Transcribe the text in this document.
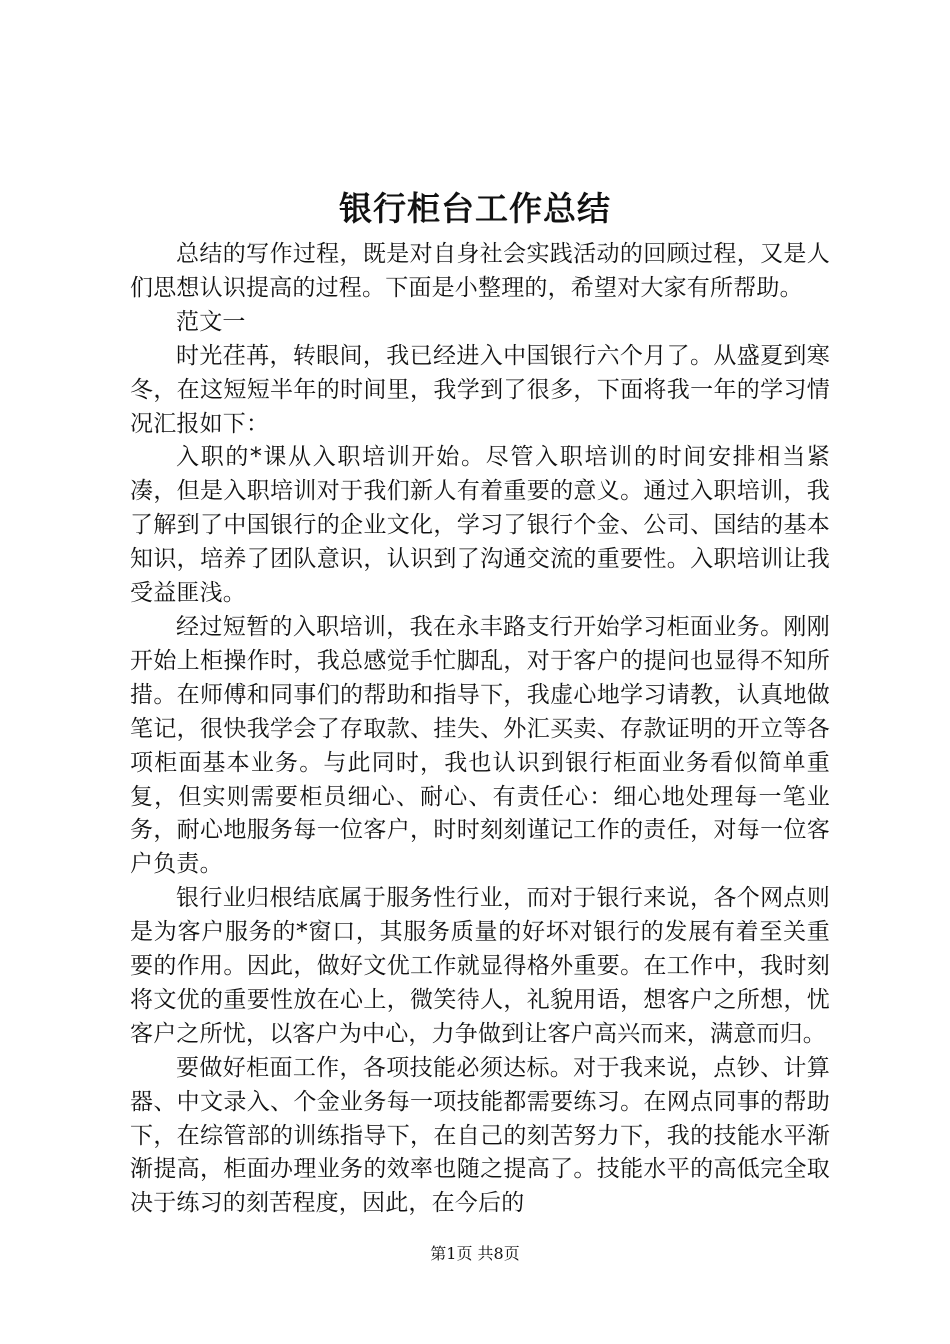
银行柜台工作总结

总结的写作过程，既是对自身社会实践活动的回顾过程，又是人们思想认识提高的过程。下面是小整理的，希望对大家有所帮助。

范文一

时光荏苒，转眼间，我已经进入中国银行六个月了。从盛夏到寒冬，在这短短半年的时间里，我学到了很多，下面将我一年的学习情况汇报如下：

入职的*课从入职培训开始。尽管入职培训的时间安排相当紧凑，但是入职培训对于我们新人有着重要的意义。通过入职培训，我了解到了中国银行的企业文化，学习了银行个金、公司、国结的基本知识，培养了团队意识，认识到了沟通交流的重要性。入职培训让我受益匪浅。

经过短暂的入职培训，我在永丰路支行开始学习柜面业务。刚刚开始上柜操作时，我总感觉手忙脚乱，对于客户的提问也显得不知所措。在师傅和同事们的帮助和指导下，我虚心地学习请教，认真地做笔记，很快我学会了存取款、挂失、外汇买卖、存款证明的开立等各项柜面基本业务。与此同时，我也认识到银行柜面业务看似简单重复，但实则需要柜员细心、耐心、有责任心：细心地处理每一笔业务，耐心地服务每一位客户，时时刻刻谨记工作的责任，对每一位客户负责。

银行业归根结底属于服务性行业，而对于银行来说，各个网点则是为客户服务的*窗口，其服务质量的好坏对银行的发展有着至关重要的作用。因此，做好文优工作就显得格外重要。在工作中，我时刻将文优的重要性放在心上，微笑待人，礼貌用语，想客户之所想，忧客户之所忧，以客户为中心，力争做到让客户高兴而来，满意而归。

要做好柜面工作，各项技能必须达标。对于我来说，点钞、计算器、中文录入、个金业务每一项技能都需要练习。在网点同事的帮助下，在综管部的训练指导下，在自己的刻苦努力下，我的技能水平渐渐提高，柜面办理业务的效率也随之提高了。技能水平的高低完全取决于练习的刻苦程度，因此，在今后的

第1页 共8页
